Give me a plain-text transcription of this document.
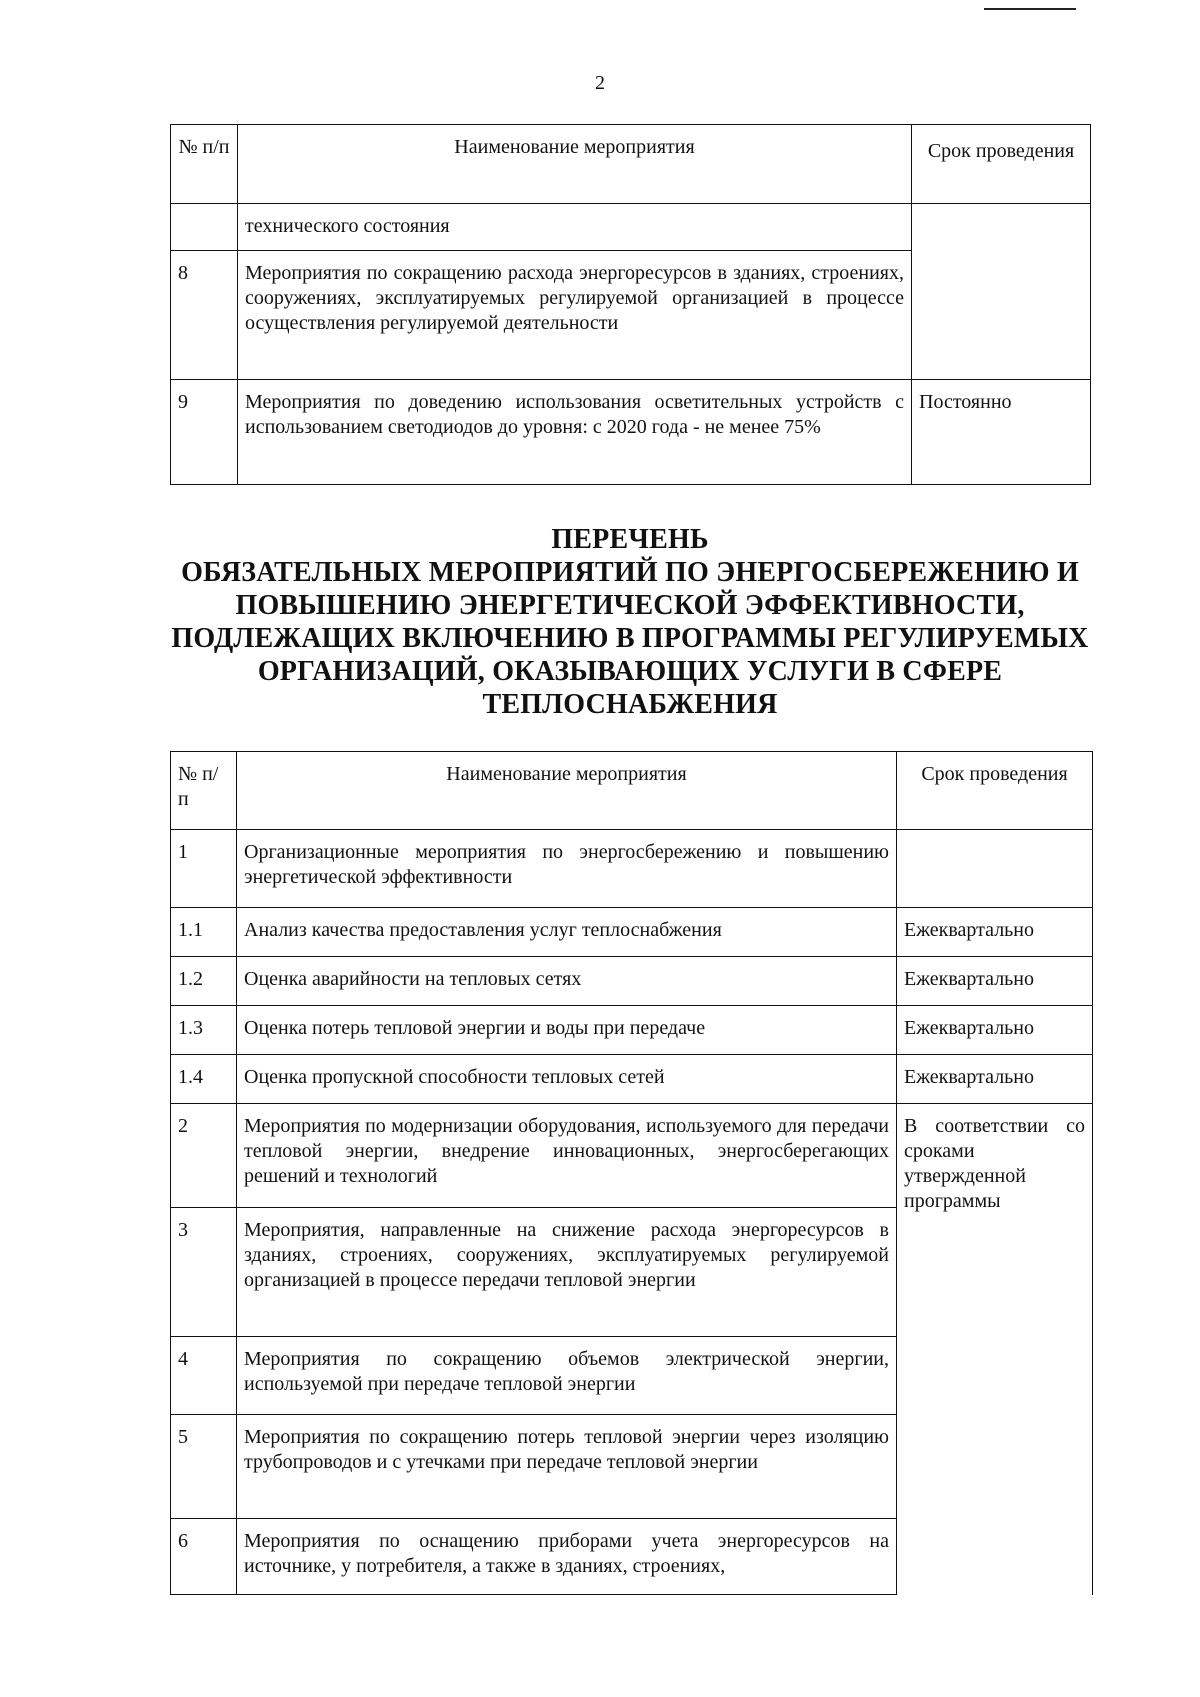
2
№ п/п	Наименование мероприятия	Срок проведения
	технического состояния	
8	Мероприятия по сокращению расхода энергоресурсов в зданиях, строениях, сооружениях, эксплуатируемых регулируемой организацией в процессе осуществления регулируемой деятельности	
9	Мероприятия по доведению использования осветительных устройств с использованием светодиодов до уровня: с 2020 года - не менее 75%	Постоянно
ПЕРЕЧЕНЬ
ОБЯЗАТЕЛЬНЫХ МЕРОПРИЯТИЙ ПО ЭНЕРГОСБЕРЕЖЕНИЮ И
ПОВЫШЕНИЮ ЭНЕРГЕТИЧЕСКОЙ ЭФФЕКТИВНОСТИ,
ПОДЛЕЖАЩИХ ВКЛЮЧЕНИЮ В ПРОГРАММЫ РЕГУЛИРУЕМЫХ
ОРГАНИЗАЦИЙ, ОКАЗЫВАЮЩИХ УСЛУГИ В СФЕРЕ
ТЕПЛОСНАБЖЕНИЯ
№ п/п	Наименование мероприятия	Срок проведения
1	Организационные мероприятия по энергосбережению и повышению энергетической эффективности	
1.1	Анализ качества предоставления услуг теплоснабжения	Ежеквартально
1.2	Оценка аварийности на тепловых сетях	Ежеквартально
1.3	Оценка потерь тепловой энергии и воды при передаче	Ежеквартально
1.4	Оценка пропускной способности тепловых сетей	Ежеквартально
2	Мероприятия по модернизации оборудования, используемого для передачи тепловой энергии, внедрение инновационных, энергосберегающих решений и технологий	В соответствии со сроками утвержденной программы
3	Мероприятия, направленные на снижение расхода энергоресурсов в зданиях, строениях, сооружениях, эксплуатируемых регулируемой организацией в процессе передачи тепловой энергии	
4	Мероприятия по сокращению объемов электрической энергии, используемой при передаче тепловой энергии	
5	Мероприятия по сокращению потерь тепловой энергии через изоляцию трубопроводов и с утечками при передаче тепловой энергии	
6	Мероприятия по оснащению приборами учета энергоресурсов на источнике, у потребителя, а также в зданиях, строениях,	
